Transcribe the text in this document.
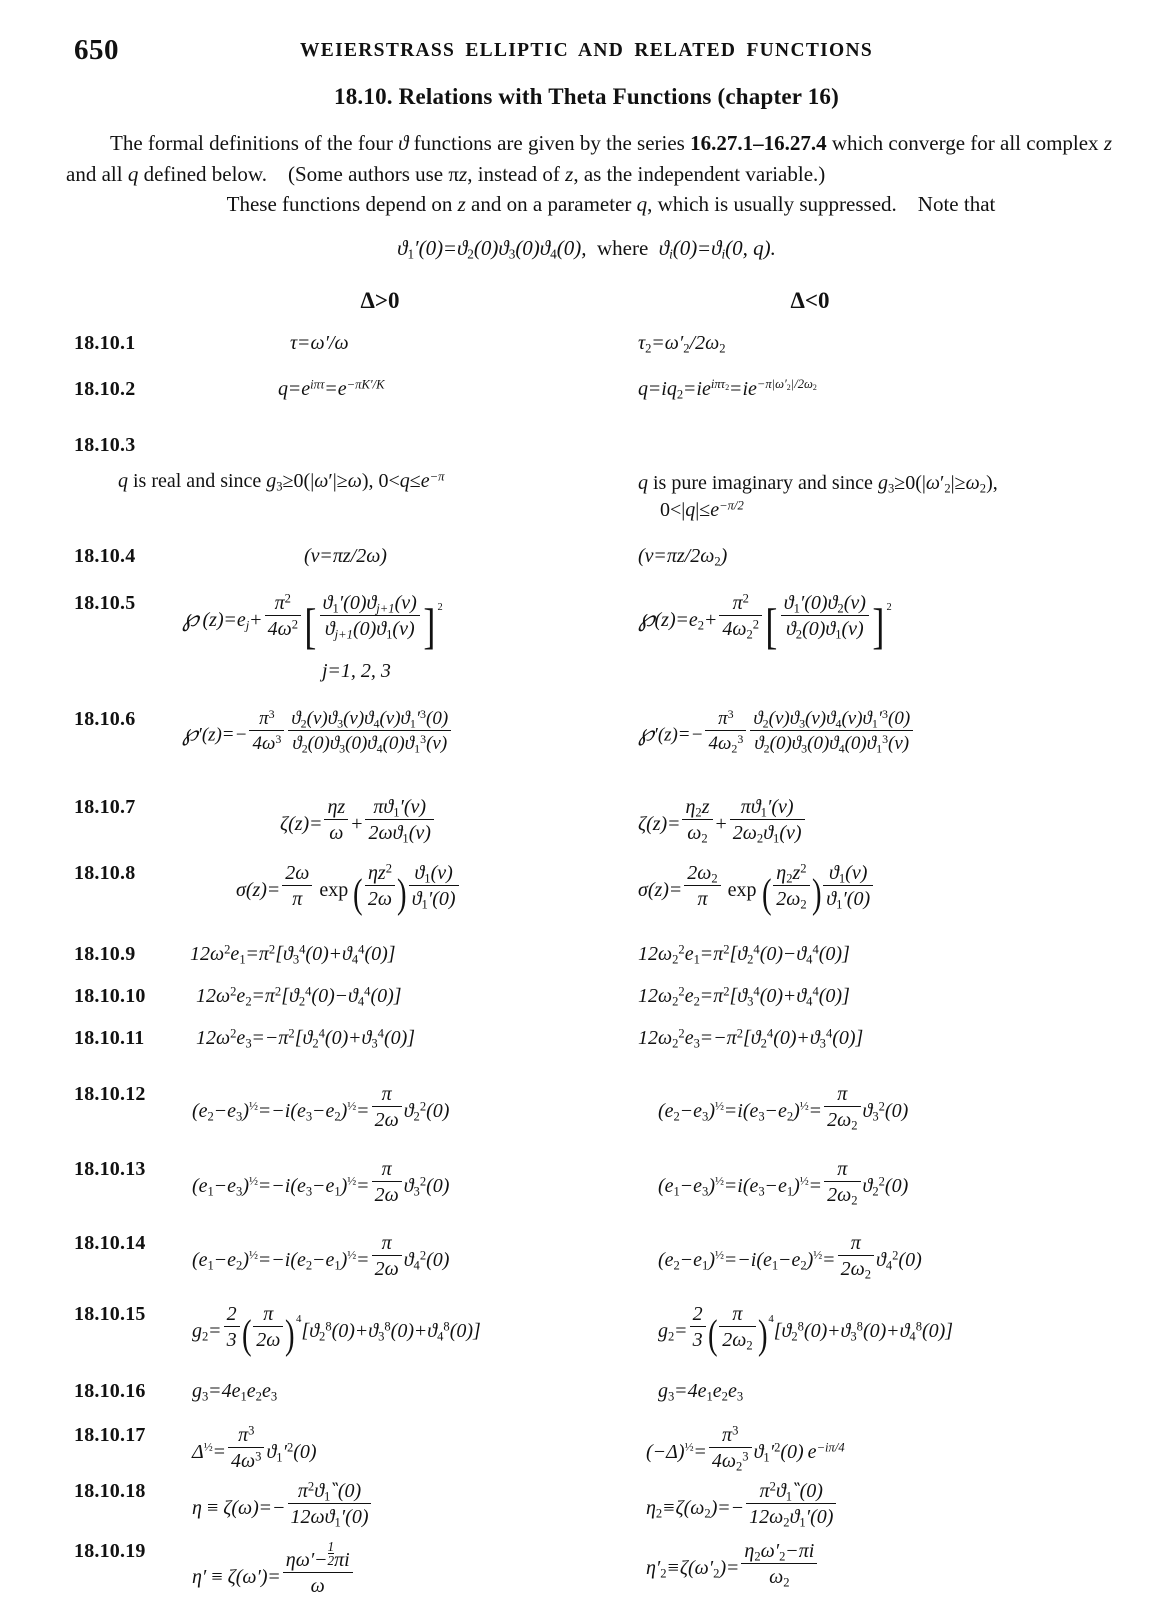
650	WEIERSTRASS ELLIPTIC AND RELATED FUNCTIONS
18.10. Relations with Theta Functions (chapter 16)

The formal definitions of the four ϑ functions are given by the series 16.27.1–16.27.4 which converge for all complex z and all q defined below.    (Some authors use πz, instead of z, as the independent variable.)

These functions depend on z and on a parameter q, which is usually suppressed.    Note that

$ϑ_1'(0)=ϑ_2(0)ϑ_3(0)ϑ_4(0)$,  where  $ϑ_i(0)=ϑ_i(0$, q).
Δ>0	Δ<0
18.10.1	τ=ω′/ω	$\tau_2=\omega'_2/2\omega_2$
18.10.2	$q=e^{i\pi\tau}=e^{-\pi K'/K}$	$q=iq_2=ie^{i\pi\tau_2}=ie^{-\pi|\omega'_2|/2\omega_2}$
18.10.3
q is real and since $g_3\ge 0(|\omega'|\ge\omega)$, $0<q\le e^{-\pi}$	q is pure imaginary and since $g_3\ge 0(|\omega'_2|\ge\omega_2)$,
$0<|q|\le e^{-\pi/2}$
18.10.4	(v=πz/2ω)	$(v=\pi z/2\omega_2)$
18.10.5
℘ $(z)=e_j+ \frac{\pi^2}{4\omega^2}$ [ $\frac{ϑ_1'(0)ϑ_{j+1}(v)}{ϑ_{j+1}(0)ϑ_1(v)}$ ] $^2$	$℘(z)=e_2+ \frac{\pi^2}{4\omega_2^2}$ [ $\frac{ϑ_1'(0)ϑ_2(v)}{ϑ_2(0)ϑ_1(v)}$ ] $^2$
j=1, 2, 3
18.10.6
℘′(z)=− $\frac{\pi^3}{4\omega^3} \frac{ϑ_2(v)ϑ_3(v)ϑ_4(v)ϑ_1'^3(0)}{ϑ_2(0)ϑ_3(0)ϑ_4(0)ϑ_1^3(v)}$	℘′(z)=− $\frac{\pi^3}{4\omega_2^3} \frac{ϑ_2(v)ϑ_3(v)ϑ_4(v)ϑ_1'^3(0)}{ϑ_2(0)ϑ_3(0)ϑ_4(0)ϑ_1^3(v)}$
18.10.7
$\zeta(z)= \frac{\eta z}{\omega} + \frac{\pi ϑ_1'(v)}{2\omega ϑ_1(v)}$	$\zeta(z)= \frac{\eta_2z}{\omega_2} + \frac{\pi ϑ_1'(v)}{2\omega_2ϑ_1(v)}$
18.10.8
$\sigma(z)= \frac{2\omega}{\pi}$ exp ( $\frac{\eta z^2}{2\omega}$ ) $\frac{ϑ_1(v)}{ϑ_1'(0)}$	$\sigma(z)= \frac{2\omega_2}{\pi}$ exp ( $\frac{\eta_2z^2}{2\omega_2}$ ) $\frac{ϑ_1(v)}{ϑ_1'(0)}$
18.10.9	$12\omega^2e_1=\pi^2[ϑ_3^4(0)+ϑ_4^4(0)]$	$12\omega_2^2e_1=\pi^2[ϑ_2^4(0)-ϑ_4^4(0)]$
18.10.10	$12\omega^2e_2=\pi^2[ϑ_2^4(0)-ϑ_4^4(0)]$	$12\omega_2^2e_2=\pi^2[ϑ_3^4(0)+ϑ_4^4(0)]$
18.10.11	$12\omega^2e_3=-\pi^2[ϑ_2^4(0)+ϑ_3^4(0)]$	$12\omega_2^2e_3=-\pi^2[ϑ_2^4(0)+ϑ_3^4(0)]$
18.10.12
$(e_2-e_3)^{\frac{1}{2}}=-i(e_3-e_2)^{\frac{1}{2}}= \frac{\pi}{2\omega} ϑ_2^2(0)$	$(e_2-e_3)^{\frac{1}{2}}=i(e_3-e_2)^{\frac{1}{2}}= \frac{\pi}{2\omega_2} ϑ_3^2(0)$
18.10.13
$(e_1-e_3)^{\frac{1}{2}}=-i(e_3-e_1)^{\frac{1}{2}}= \frac{\pi}{2\omega} ϑ_3^2(0)$	$(e_1-e_3)^{\frac{1}{2}}=i(e_3-e_1)^{\frac{1}{2}}= \frac{\pi}{2\omega_2} ϑ_2^2(0)$
18.10.14
$(e_1-e_2)^{\frac{1}{2}}=-i(e_2-e_1)^{\frac{1}{2}}= \frac{\pi}{2\omega} ϑ_4^2(0)$	$(e_2-e_1)^{\frac{1}{2}}=-i(e_1-e_2)^{\frac{1}{2}}= \frac{\pi}{2\omega_2} ϑ_4^2(0)$
18.10.15
$g_2= \frac{2}{3}$ ( $\frac{\pi}{2\omega} )^4[ϑ_2^8(0)+ϑ_3^8(0)+ϑ_4^8(0)]$	$g_2= \frac{2}{3}$ ( $\frac{\pi}{2\omega_2} )^4[ϑ_2^8(0)+ϑ_3^8(0)+ϑ_4^8(0)]$
18.10.16 $g_3=4e_1e_2e_3$	$g_3=4e_1e_2e_3$
18.10.17
$\Delta^{\frac{1}{2}}= \frac{\pi^3}{4\omega^3} ϑ_1'^2(0)$	$(-\Delta)^{\frac{1}{2}}= \frac{\pi^3}{4\omega_2^3} ϑ_1'^2(0)$ $e^{-i\pi/4}$
18.10.18
$\eta \equiv \zeta(\omega)=- \frac{\pi^2ϑ_1‶(0)}{12\omega ϑ_1'(0)}$	$\eta_2\equiv\zeta(\omega_2)=- \frac{\pi^2ϑ_1‶(0)}{12\omega_2ϑ_1'(0)}$
18.10.19
$\eta' \equiv \zeta(\omega')= \frac{\eta\omega'- \frac{1}{2} \pi i}{\omega}$	$\eta'_2\equiv\zeta(\omega'_2)= \frac{\eta_2\omega'_2-\pi i}{\omega_2}$
